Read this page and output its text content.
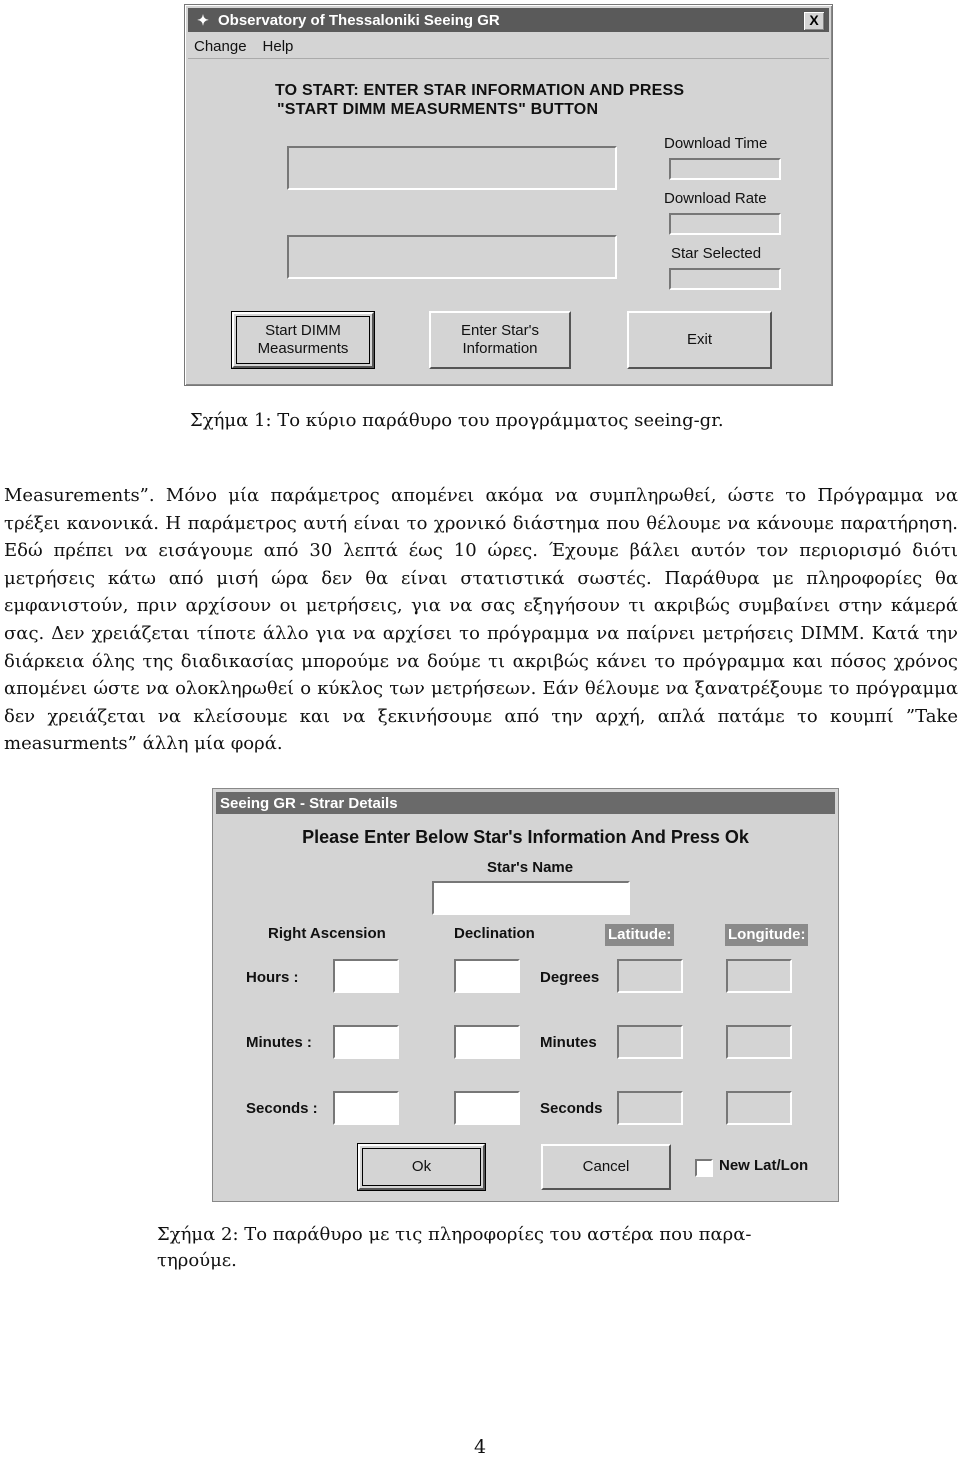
✦ Observatory of Thessaloniki Seeing GR	X
Change Help
TO START: ENTER STAR INFORMATION AND PRESS
"START DIMM MEASURMENTS" BUTTON
Download Time
Download Rate
Star Selected
Start DIMM Measurments
Enter Star's Information
Exit
Σχήμα 1: Το κύριο παράθυρο του προγράμματος seeing-gr.

Measurements”. Μόνο μία παράμετρος απομένει ακόμα να συμπληρωθεί, ώστε το Πρόγραμμα να τρέξει κανονικά. Η παράμετρος αυτή είναι το χρονικό διάστημα που θέλουμε να κάνουμε παρατήρηση. Εδώ πρέπει να εισάγουμε από 30 λεπτά έως 10 ώρες. Έχουμε βάλει αυτόν τον περιορισμό διότι μετρήσεις κάτω από μισή ώρα δεν θα είναι στατιστικά σωστές. Παράθυρα με πληροφορίες θα εμφανιστούν, πριν αρχίσουν οι μετρήσεις, για να σας εξηγήσουν τι ακριβώς συμβαίνει στην κάμερά σας. Δεν χρειάζεται τίποτε άλλο για να αρχίσει το πρόγραμμα να παίρνει μετρήσεις DIMM. Κατά την διάρκεια όλης της διαδικασίας μπορούμε να δούμε τι ακριβώς κάνει το πρόγραμμα και πόσος χρόνος απομένει ώστε να ολοκληρωθεί ο κύκλος των μετρήσεων. Εάν θέλουμε να ξανατρέξουμε το πρόγραμμα δεν χρειάζεται να κλείσουμε και να ξεκινήσουμε από την αρχή, απλά πατάμε το κουμπί ”Take measurments” άλλη μία φορά.

Seeing GR - Strar Details
Please Enter Below Star's Information And Press Ok
Star's Name
Right Ascension	Declination	Latitude:	Longitude:
Hours :	Degrees
Minutes :	Minutes
Seconds :	Seconds
Ok	Cancel	New Lat/Lon
Σχήμα 2: Το παράθυρο με τις πληροφορίες του αστέρα που παρα-
τηρούμε.
4
